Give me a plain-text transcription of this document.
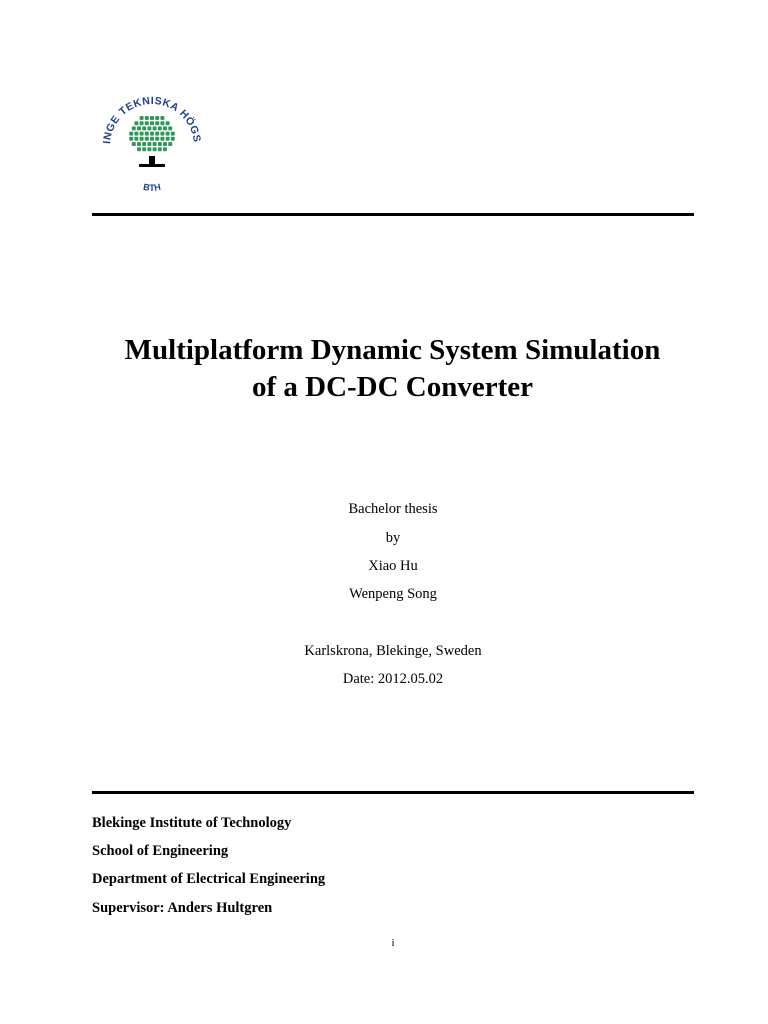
INGE TEKNISKA HÖGS
BTH
Multiplatform Dynamic System Simulation
of a DC-DC Converter
Bachelor thesis
by
Xiao Hu
Wenpeng Song
Karlskrona, Blekinge, Sweden
Date: 2012.05.02
Blekinge Institute of Technology
School of Engineering
Department of Electrical Engineering
Supervisor: Anders Hultgren
i
